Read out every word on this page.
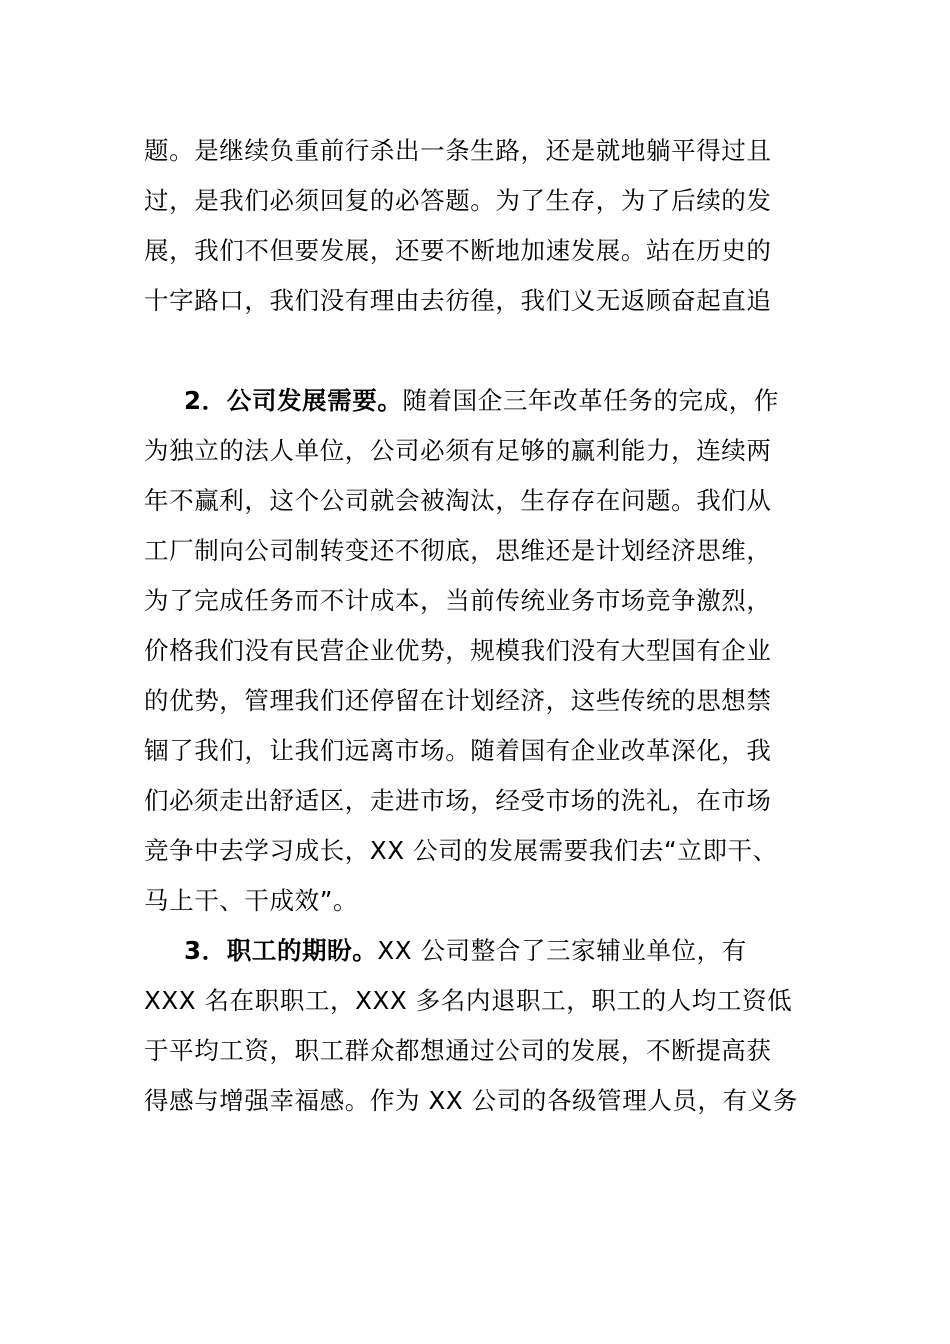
题。是继续负重前行杀出一条生路，还是就地躺平得过且
过，是我们必须回复的必答题。为了生存，为了后续的发
展，我们不但要发展，还要不断地加速发展。站在历史的
十字路口，我们没有理由去彷徨，我们义无返顾奋起直追
2．公司发展需要。随着国企三年改革任务的完成，作
为独立的法人单位，公司必须有足够的赢利能力，连续两
年不赢利，这个公司就会被淘汰，生存存在问题。我们从
工厂制向公司制转变还不彻底，思维还是计划经济思维，
为了完成任务而不计成本，当前传统业务市场竞争激烈，
价格我们没有民营企业优势，规模我们没有大型国有企业
的优势，管理我们还停留在计划经济，这些传统的思想禁
锢了我们，让我们远离市场。随着国有企业改革深化，我
们必须走出舒适区，走进市场，经受市场的洗礼，在市场
竞争中去学习成长，XX 公司的发展需要我们去“立即干、
马上干、干成效”。
3．职工的期盼。XX 公司整合了三家辅业单位，有
XXX 名在职职工，XXX 多名内退职工，职工的人均工资低
于平均工资，职工群众都想通过公司的发展，不断提高获
得感与增强幸福感。作为 XX 公司的各级管理人员，有义务
